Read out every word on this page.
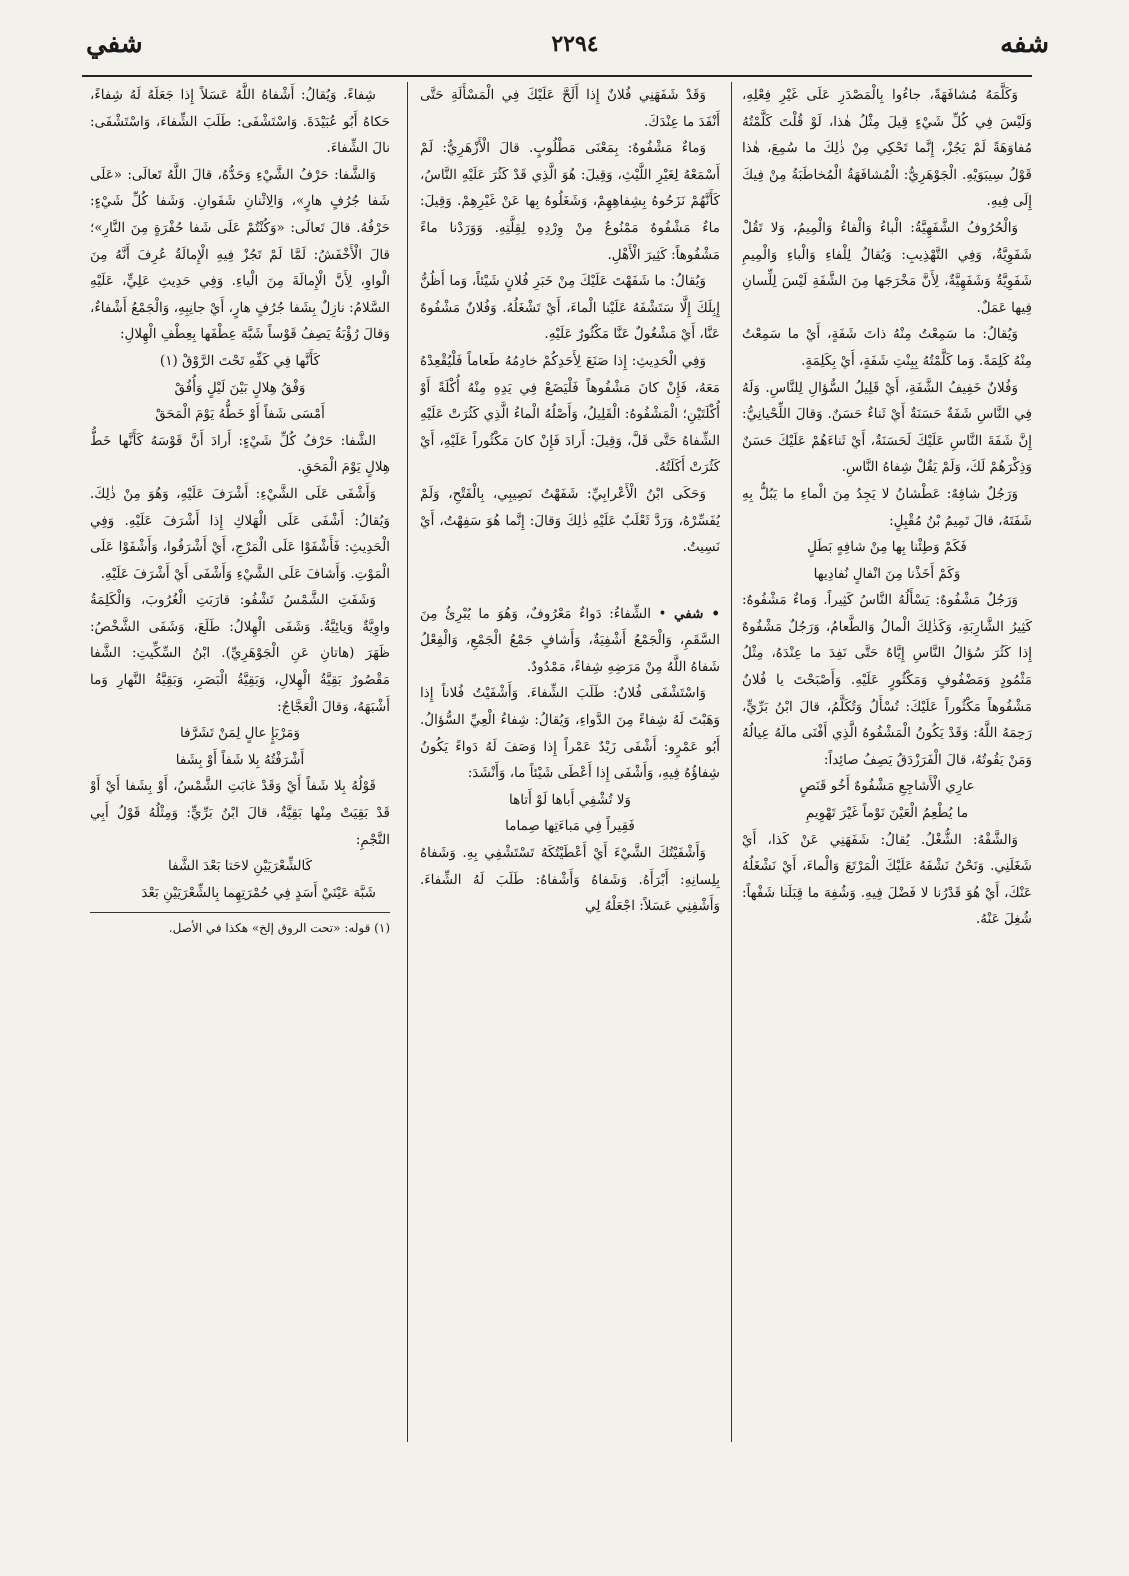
شفه
٢٢٩٤
شفي

وَكَلَّمَهُ مُشافَهَةً، جاءُوا بِالْمَصْدَرِ عَلَى غَيْرِ فِعْلِهِ، وَلَيْسَ فِي كُلِّ شَيْءٍ قِيلَ مِثْلُ هٰذا، لَوْ قُلْتَ كَلَّمْتُهُ مُفاوَهَةً لَمْ يَجُزْ، إِنَّما تَحْكِي مِنْ ذٰلِكَ ما سُمِعَ، هٰذا قَوْلُ سِيبَوَيْهِ. الْجَوْهَرِيُّ: الْمُشافَهَةُ الْمُخاطَبَةُ مِنْ فِيكَ إِلَى فِيهِ.

وَالْحُرُوفُ الشَّفَهِيَّةُ: الْباءُ وَالْفاءُ وَالْمِيمُ، وَلا تَقُلْ شَفَوِيَّةٌ، وَفِي التَّهْذِيبِ: وَيُقالُ لِلْفاءِ وَالْباءِ وَالْمِيمِ شَفَوِيَّةٌ وَشَفَهِيَّةٌ، لِأَنَّ مَخْرَجَها مِنَ الشَّفَةِ لَيْسَ لِلِّسانِ فِيها عَمَلٌ.

وَيُقالُ: ما سَمِعْتُ مِنْهُ ذاتَ شَفَةٍ، أَيْ ما سَمِعْتُ مِنْهُ كَلِمَةً. وَما كَلَّمْتُهُ بِبِنْتِ شَفَةٍ، أَيْ بِكَلِمَةٍ.

وَفُلانٌ خَفِيفُ الشَّفَةِ، أَيْ قَلِيلُ السُّؤالِ لِلنَّاسِ. وَلَهُ فِي النَّاسِ شَفَةٌ حَسَنَةٌ أَيْ ثَناءٌ حَسَنٌ. وَقالَ اللِّحْيانِيُّ: إِنَّ شَفَةَ النَّاسِ عَلَيْكَ لَحَسَنَةٌ، أَيْ ثَناءَهُمْ عَلَيْكَ حَسَنٌ وَذِكْرَهُمْ لَكَ، وَلَمْ يَقُلْ شِفاهُ النَّاسِ.

وَرَجُلٌ شافِهٌ: عَطْشانُ لا يَجِدُ مِنَ الْماءِ ما يَبُلُّ بِهِ شَفَتَهُ، قالَ تَمِيمُ بْنُ مُقْبِلٍ:

فَكَمْ وَطِئْنا بِها مِنْ شافِهٍ بَطَلٍ

وَكَمْ أَخَذْنا مِنَ انْفالٍ نُفادِيها

وَرَجُلٌ مَشْفُوهٌ: يَسْأَلُهُ النَّاسُ كَثِيراً. وَماءٌ مَشْفُوهٌ: كَثِيرُ الشَّارِبَةِ، وَكَذٰلِكَ الْمالُ وَالطَّعامُ، وَرَجُلٌ مَشْفُوهٌ إِذا كَثُرَ سُؤالُ النَّاسِ إِيَّاهُ حَتَّى نَفِدَ ما عِنْدَهُ، مِثْلُ مَثْمُودٍ وَمَضْفُوفٍ وَمَكْثُورٍ عَلَيْهِ. وَأَصْبَحْتَ يا فُلانُ مَشْفُوهاً مَكْثُوراً عَلَيْكَ: تُسْأَلُ وَتُكَلَّمُ، قالَ ابْنُ بَرِّيٍّ، رَحِمَهُ اللَّهُ: وَقَدْ يَكُونُ الْمَشْفُوهُ الَّذِي أَفْنَى مالَهُ عِيالُهُ وَمَنْ يَقُوتُهُ، قالَ الْفَرَزْدَقُ يَصِفُ صائِداً:

عارِي الْأَشاجِعِ مَشْفُوهٌ أَخُو قَنَصٍ

ما يُطْعِمُ الْعَيْنَ نَوْماً غَيْرَ تَهْوِيمِ

وَالشَّفْهُ: الشُّغْلُ. يُقالُ: شَفَهَنِي عَنْ كَذا، أَيْ شَغَلَنِي. وَنَحْنُ نَشْفَهُ عَلَيْكَ الْمَرْتَعَ وَالْماءَ، أَيْ نَشْغَلُهُ عَنْكَ، أَيْ هُوَ قَدْرُنا لا فَضْلَ فِيهِ. وَشُفِهَ ما قِبَلَنا شَفْهاً: شُغِلَ عَنْهُ.

وَقَدْ شَفَهَنِي فُلانٌ إِذا أَلَحَّ عَلَيْكَ فِي الْمَسْأَلَةِ حَتَّى أَنْفَدَ ما عِنْدَكَ.

وَماءٌ مَشْفُوهٌ: بِمَعْنَى مَطْلُوبٍ. قالَ الْأَزْهَرِيُّ: لَمْ أَسْمَعْهُ لِغَيْرِ اللَّيْثِ، وَقِيلَ: هُوَ الَّذِي قَدْ كَثُرَ عَلَيْهِ النَّاسُ، كَأَنَّهُمْ نَزَحُوهُ بِشِفاهِهِمْ، وَشَغَلُوهُ بِها عَنْ غَيْرِهِمْ. وَقِيلَ: ماءٌ مَشْفُوهٌ مَمْنُوعٌ مِنْ وِرْدِهِ لِقِلَّتِهِ. وَوَرَدْنا ماءً مَشْفُوهاً: كَثِيرَ الْأَهْلِ.

وَيُقالُ: ما شَفَهْتَ عَلَيْكَ مِنْ خَبَرِ فُلانٍ شَيْئاً، وَما أَظُنُّ إِبِلَكَ إِلَّا سَتَشْفَهُ عَلَيْنا الْماءَ، أَيْ تَشْغَلُهُ. وَفُلانٌ مَشْفُوهٌ عَنَّا، أَيْ مَشْغُولٌ عَنَّا مَكْثُورٌ عَلَيْهِ.

وَفِي الْحَدِيثِ: إِذا صَنَعَ لِأَحَدِكُمْ خادِمُهُ طَعاماً فَلْيُقْعِدْهُ مَعَهُ، فَإِنْ كانَ مَشْفُوهاً فَلْيَضَعْ فِي يَدِهِ مِنْهُ أُكْلَةً أَوْ أُكْلَتَيْنِ؛ الْمَشْفُوهُ: الْقَلِيلُ، وَأَصْلُهُ الْماءُ الَّذِي كَثُرَتْ عَلَيْهِ الشِّفاهُ حَتَّى قَلَّ، وَقِيلَ: أَرادَ فَإِنْ كانَ مَكْثُوراً عَلَيْهِ، أَيْ كَثُرَتْ أَكَلَتُهُ.

وَحَكَى ابْنُ الْأَعْرابِيِّ: شَفَهْتُ نَصِيبِي، بِالْفَتْحِ، وَلَمْ يُفَسِّرْهُ، وَرَدَّ ثَعْلَبٌ عَلَيْهِ ذٰلِكَ وَقالَ: إِنَّما هُوَ سَفِهْتُ، أَيْ نَسِيتُ.

• شفي • الشِّفاءُ: دَواءٌ مَعْرُوفٌ، وَهُوَ ما يُبْرِئُ مِنَ السَّقَمِ، وَالْجَمْعُ أَشْفِيَةٌ، وَأَشافٍ جَمْعُ الْجَمْعِ، وَالْفِعْلُ شَفاهُ اللَّهُ مِنْ مَرَضِهِ شِفاءً، مَمْدُودٌ.

وَاسْتَشْفَى فُلانٌ: طَلَبَ الشِّفاءَ. وَأَشْفَيْتُ فُلاناً إِذا وَهَبْتَ لَهُ شِفاءً مِنَ الدَّواءِ، وَيُقالُ: شِفاءُ الْعِيِّ السُّؤالُ. أَبُو عَمْرٍو: أَشْفَى زَيْدٌ عَمْراً إِذا وَصَفَ لَهُ دَواءً يَكُونُ شِفاؤُهُ فِيهِ، وَأَشْفَى إِذا أَعْطَى شَيْئاً ما، وَأَنْشَدَ:

وَلا تُشْفِي أَباها لَوْ أَتاها

فَقِيراً فِي مَباءَتِها صِماما

وَأَشْفَيْتُكَ الشَّيْءَ أَيْ أَعْطَيْتُكَهُ تَسْتَشْفِي بِهِ. وَشَفاهُ بِلِسانِهِ: أَبْرَأَهُ. وَشَفاهُ وَأَشْفاهُ: طَلَبَ لَهُ الشِّفاءَ. وَأَشْفِنِي عَسَلاً: اجْعَلْهُ لِي

شِفاءً. وَيُقالُ: أَشْفاهُ اللَّهُ عَسَلاً إِذا جَعَلَهُ لَهُ شِفاءً، حَكاهُ أَبُو عُبَيْدَةَ. وَاسْتَشْفَى: طَلَبَ الشِّفاءَ، وَاسْتَشْفَى: نالَ الشِّفاءَ.

وَالشَّفا: حَرْفُ الشَّيْءِ وَحَدُّهُ، قالَ اللَّهُ تَعالَى: «عَلَى شَفا جُرُفٍ هارٍ»، وَالِاثْنانِ شَفَوانِ. وَشَفا كُلِّ شَيْءٍ: حَرْفُهُ. قالَ تَعالَى: «وَكُنْتُمْ عَلَى شَفا حُفْرَةٍ مِنَ النَّارِ»؛ قالَ الْأَخْفَشُ: لَمَّا لَمْ تَجُزْ فِيهِ الْإِمالَةُ عُرِفَ أَنَّهُ مِنَ الْواوِ، لِأَنَّ الْإِمالَةَ مِنَ الْياءِ. وَفِي حَدِيثِ عَلِيٍّ، عَلَيْهِ السَّلامُ: نازِلٌ بِشَفا جُرُفٍ هارٍ، أَيْ جانِبِهِ، وَالْجَمْعُ أَشْفاءٌ، وَقالَ رُؤْبَةُ يَصِفُ قَوْساً شَبَّهَ عِطْفَها بِعِطْفِ الْهِلالِ:

كَأَنَّها فِي كَفِّهِ تَحْتَ الرَّوْقْ (١)

وَفْقُ هِلالٍ بَيْنَ لَيْلٍ وَأُفُقْ

أَمْسَى شَفاً أَوْ خَطُّهُ يَوْمَ الْمَحَقْ

الشَّفا: حَرْفُ كُلِّ شَيْءٍ: أَرادَ أَنَّ قَوْسَهُ كَأَنَّها خَطُّ هِلالٍ يَوْمَ الْمَحَقِ.

وَأَشْفَى عَلَى الشَّيْءِ: أَشْرَفَ عَلَيْهِ، وَهُوَ مِنْ ذٰلِكَ. وَيُقالُ: أَشْفَى عَلَى الْهَلاكِ إِذا أَشْرَفَ عَلَيْهِ. وَفِي الْحَدِيثِ: فَأَشْفَوْا عَلَى الْمَرْجِ، أَيْ أَشْرَفُوا، وَأَشْفَوْا عَلَى الْمَوْتِ. وَأَشافَ عَلَى الشَّيْءِ وَأَشْفَى أَيْ أَشْرَفَ عَلَيْهِ.

وَشَفَتِ الشَّمْسُ تَشْفُو: قارَبَتِ الْغُرُوبَ، وَالْكَلِمَةُ واوِيَّةٌ وَيائِيَّةٌ. وَشَفَى الْهِلالُ: طَلَعَ، وَشَفَى الشَّخْصُ: ظَهَرَ (هاتانِ عَنِ الْجَوْهَرِيِّ). ابْنُ السِّكِّيتِ: الشَّفا مَقْصُورٌ بَقِيَّةُ الْهِلالِ، وَبَقِيَّةُ الْبَصَرِ، وَبَقِيَّةُ النَّهارِ وَما أَشْبَهَهُ، وَقالَ الْعَجَّاجُ:

وَمَرْبَإٍ عالٍ لِمَنْ تَشَرَّفا

أَشْرَفْتُهُ بِلا شَفاً أَوْ بِشَفا

قَوْلُهُ بِلا شَفاً أَيْ وَقَدْ غابَتِ الشَّمْسُ، أَوْ بِشَفا أَيْ أَوْ قَدْ بَقِيَتْ مِنْها بَقِيَّةٌ، قالَ ابْنُ بَرِّيٍّ: وَمِثْلُهُ قَوْلُ أَبِي النَّجْمِ:

كَالشِّعْرَيَيْنِ لاحَتا بَعْدَ الشَّفا

شَبَّهَ عَيْنَيْ أَسَدٍ فِي حُمْرَتِهِما بِالشِّعْرَيَيْنِ بَعْدَ

(١) قوله: «تحت الروق إلخ» هكذا في الأصل.
